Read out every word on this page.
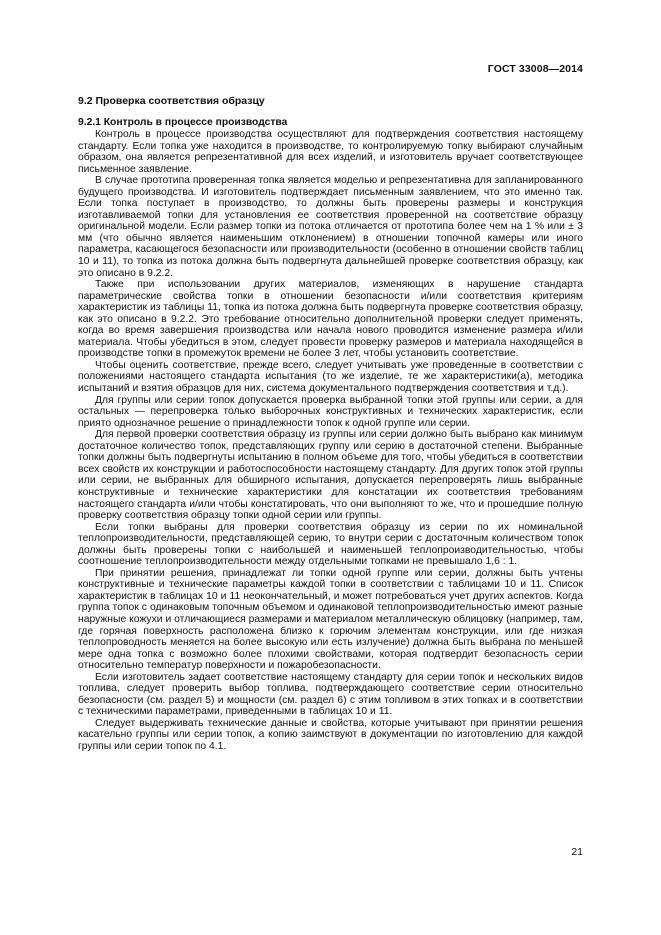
ГОСТ 33008—2014
9.2 Проверка соответствия образцу
9.2.1 Контроль в процессе производства

Контроль в процессе производства осуществляют для подтверждения соответствия настоящему стандарту. Если топка уже находится в производстве, то контролируемую топку выбирают случайным образом, она является репрезентативной для всех изделий, и изготовитель вручает соответствующее письменное заявление.

В случае прототипа проверенная топка является моделью и репрезентативна для запланированного будущего производства. И изготовитель подтверждает письменным заявлением, что это именно так. Если топка поступает в производство, то должны быть проверены размеры и конструкция изготавливаемой топки для установления ее соответствия проверенной на соответствие образцу оригинальной модели. Если размер топки из потока отличается от прототипа более чем на 1 % или ± 3 мм (что обычно является наименьшим отклонением) в отношении топочной камеры или иного параметра, касающегося безопасности или производительности (особенно в отношении свойств таблиц 10 и 11), то топка из потока должна быть подвергнута дальнейшей проверке соответствия образцу, как это описано в 9.2.2.

Также при использовании других материалов, изменяющих в нарушение стандарта параметрические свойства топки в отношении безопасности и/или соответствия критериям характеристик из таблицы 11, топка из потока должна быть подвергнута проверке соответствия образцу, как это описано в 9.2.2. Это требование относительно дополнительной проверки следует применять, когда во время завершения производства или начала нового проводится изменение размера и/или материала. Чтобы убедиться в этом, следует провести проверку размеров и материала находящейся в производстве топки в промежуток времени не более 3 лет, чтобы установить соответствие.

Чтобы оценить соответствие, прежде всего, следует учитывать уже проведенные в соответствии с положениями настоящего стандарта испытания (то же изделие, те же характеристики(а), методика испытаний и взятия образцов для них, система документального подтверждения соответствия и т.д.).

Для группы или серии топок допускается проверка выбранной топки этой группы или серии, а для остальных — перепроверка только выборочных конструктивных и технических характеристик, если приято однозначное решение о принадлежности топок к одной группе или серии.

Для первой проверки соответствия образцу из группы или серии должно быть выбрано как минимум достаточное количество топок, представляющих группу или серию в достаточной степени. Выбранные топки должны быть подвергнуты испытанию в полном объеме для того, чтобы убедиться в соответствии всех свойств их конструкции и работоспособности настоящему стандарту. Для других топок этой группы или серии, не выбранных для обширного испытания, допускается перепроверять лишь выбранные конструктивные и технические характеристики для констатации их соответствия требованиям настоящего стандарта и/или чтобы констатировать, что они выполняют то же, что и прошедшие полную проверку соответствия образцу топки одной серии или группы.

Если топки выбраны для проверки соответствия образцу из серии по их номинальной теплопроизводительности, представляющей серию, то внутри серии с достаточным количеством топок должны быть проверены топки с наибольшей и наименьшей теплопроизводительностью, чтобы соотношение теплопроизводительности между отдельными топками не превышало 1,6 : 1.

При принятии решения, принадлежат ли топки одной группе или серии, должны быть учтены конструктивные и технические параметры каждой топки в соответствии с таблицами 10 и 11. Список характеристик в таблицах 10 и 11 неокончательный, и может потребоваться учет других аспектов. Когда группа топок с одинаковым топочным объемом и одинаковой теплопроизводительностью имеют разные наружные кожухи и отличающиеся размерами и материалом металлическую облицовку (например, там, где горячая поверхность расположена близко к горючим элементам конструкции, или где низкая теплопроводность меняется на более высокую или есть излучение) должна быть выбрана по меньшей мере одна топка с возможно более плохими свойствами, которая подтвердит безопасность серии относительно температур поверхности и пожаробезопасности.

Если изготовитель задает соответствие настоящему стандарту для серии топок и нескольких видов топлива, следует проверить выбор топлива, подтверждающего соответствие серии относительно безопасности (см. раздел 5) и мощности (см. раздел 6) с этим топливом в этих топках и в соответствии с техническими параметрами, приведенными в таблицах 10 и 11.

Следует выдерживать технические данные и свойства, которые учитывают при принятии решения касательно группы или серии топок, а копию заимствуют в документации по изготовлению для каждой группы или серии топок по 4.1.

21
